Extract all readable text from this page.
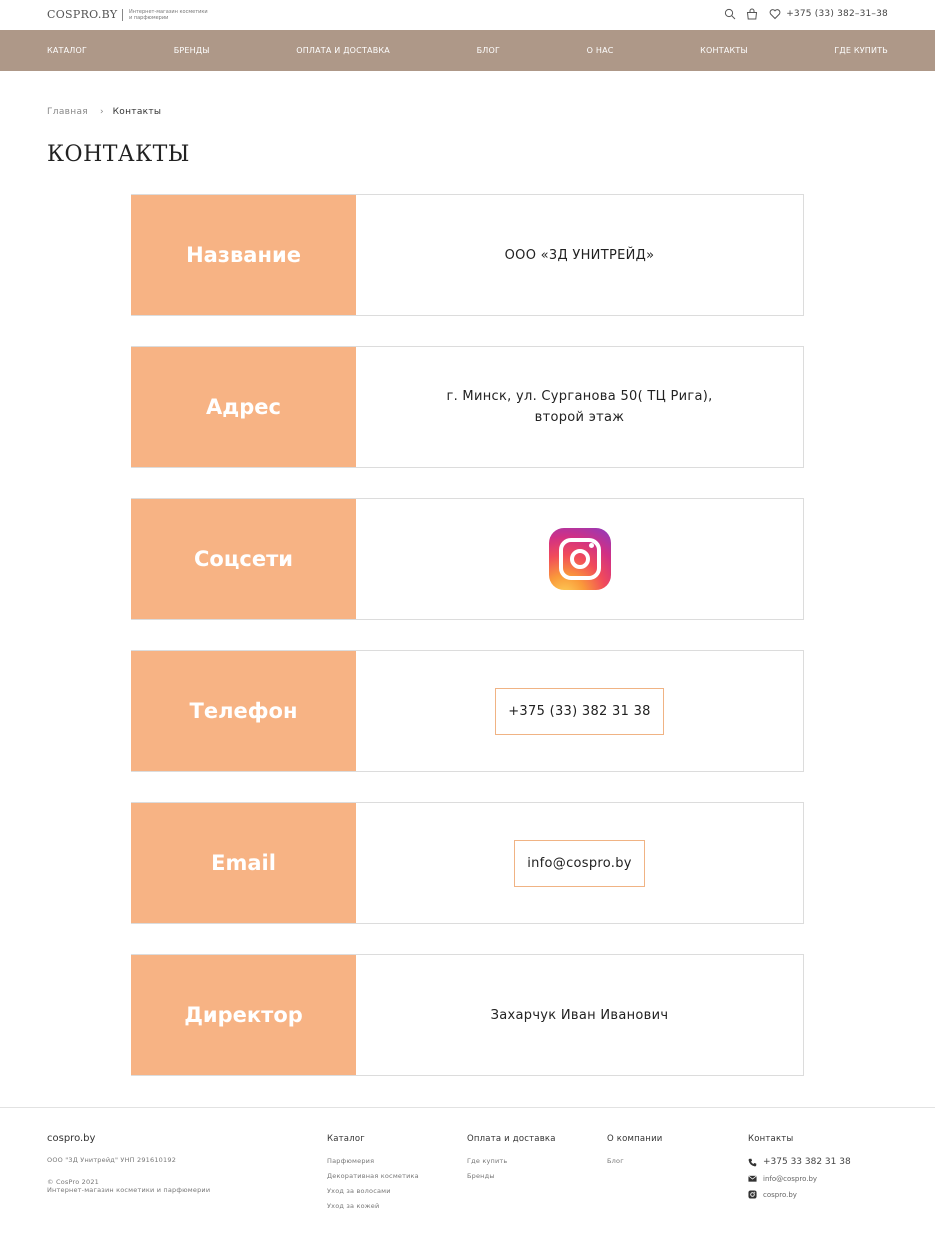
COSPRO.BY Интернет-магазин косметики и парфюмерии	+375 (33) 382–31–38
КАТАЛОГ	БРЕНДЫ	ОПЛАТА И ДОСТАВКА	БЛОГ	О НАС	КОНТАКТЫ	ГДЕ КУПИТЬ
Главная › Контакты
КОНТАКТЫ
Название	ООО «3Д УНИТРЕЙД»
Адрес	г. Минск, ул. Сурганова 50( ТЦ Рига),
второй этаж
Соцсети
Телефон	+375 (33) 382 31 38
Email	info@cospro.by
Директор	Захарчук Иван Иванович
cospro.by
ООО "3Д Унитрейд" УНП 291610192
© CosPro 2021
Интернет-магазин косметики и парфюмерии
Каталог
Парфюмерия
Декоративная косметика
Уход за волосами
Уход за кожей
Оплата и доставка
Где купить
Бренды
О компании
Блог
Контакты
+375 33 382 31 38
info@cospro.by
cospro.by
